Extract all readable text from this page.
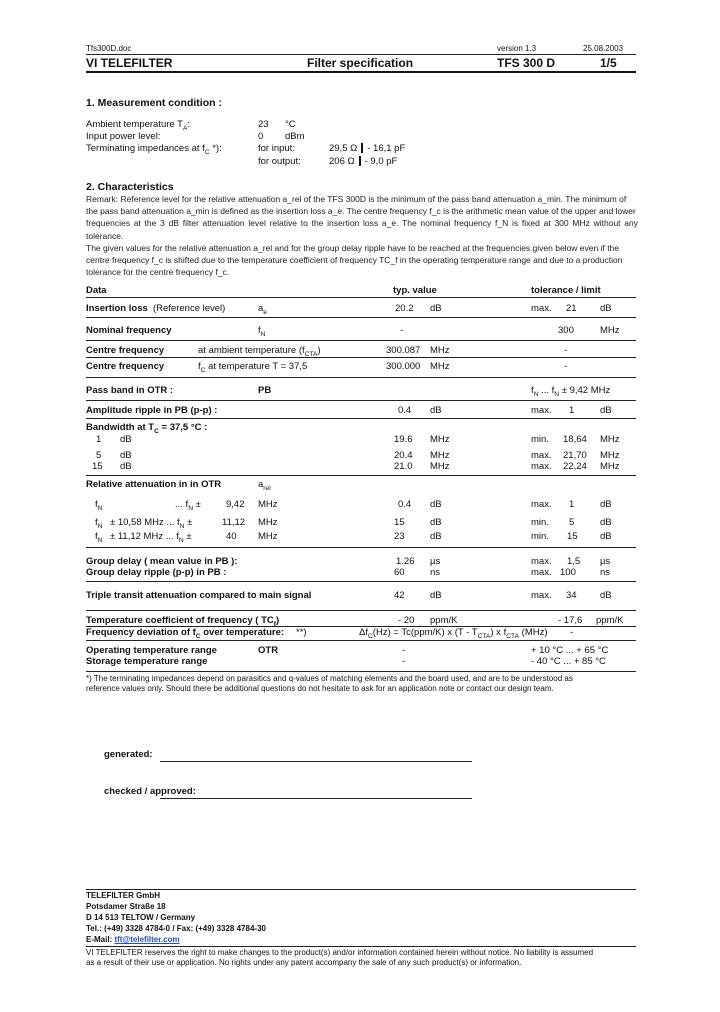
Tfs300D.doc	version 1.3	25.08.2003
VI TELEFILTER	Filter specification	TFS 300 D	1/5
1. Measurement condition :
Ambient temperature $T_A$:	23 °C
Input power level:	0 dBm
Terminating impedances at $f_C$ *):	for input:	29,5 Ω - 16,1 pF
for output:	206 Ω - 9,0 pF
2. Characteristics
Remark: Reference level for the relative attenuation a_rel of the TFS 300D is the minimum of the pass band attenuation a_min. The minimum of
the pass band attenuation a_min is defined as the insertion loss a_e. The centre frequency f_c is the arithmetic mean value of the upper and lower
frequencies at the 3 dB filter attenuation level relative to the insertion loss a_e. The nominal frequency f_N is fixed at 300 MHz without any tolerance.
The given values for the relative attenuation a_rel and for the group delay ripple have to be reached at the frequencies given below even if the
centre frequency f_c is shifted due to the temperature coefficient of frequency TC_f in the operating temperature range and due to a production
tolerance for the centre frequency f_c.
Data	typ. value	tolerance / limit
Insertion loss (Reference level)	$a_e$	20.2 dB	max. 21 dB
Nominal frequency	$f_N$	-	300	MHz
Centre frequency	at ambient temperature $(f_{CTA})$	300.087 MHz	-
Centre frequency	$f_C$ at temperature T = 37,5	300.000 MHz	-
Pass band in OTR :	PB	$f_N$ ... $f_N \pm 9,42$ MHz
Amplitude ripple in PB (p-p) :	0.4 dB	max. 1	dB
Bandwidth at $T_C = 37,5$ °C :
1 dB	19.6 MHz	min. 18,64 MHz
5 dB	20.4 MHz	max. 21,70 MHz
15 dB	21.0 MHz	max. 22,24 MHz
Relative attenuation in in OTR	$a_{rel}$
$f_N$	... $f_N$ ±	9,42 MHz	0.4 dB	max. 1	dB
$f_N \pm 10,58$ MHz ... $f_N$ ±	11,12 MHz	15	dB	min. 5	dB
$f_N \pm 11,12$ MHz ... $f_N$ ±	40 MHz	23	dB	min. 15 dB
Group delay ( mean value in PB ):	1.26 µs	max. 1,5 µs
Group delay ripple (p-p) in PB :	60	ns	max. 100	ns
Triple transit attenuation compared to main signal	42	dB	max. 34 dB
Temperature coefficient of frequency ( $TC_f$)	- 20 ppm/K	- 17,6 ppm/K
Frequency deviation of $f_C$ over temperature: **)	$\Delta f_C(Hz) = Tc(ppm/K)$ x $(T - T_{CTA})$ x $f_{CTA}$ (MHz) -
Operating temperature range	OTR	-	+ 10 °C ... + 65 °C
Storage temperature range	-	- 40 °C ... + 85 °C
*) The terminating impedances depend on parasitics and q-values of matching elements and the board used, and are to be understood as
reference values only. Should there be additional questions do not hesitate to ask for an application note or contact our design team.
generated:
checked / approved:
TELEFILTER GmbH
Potsdamer Straße 18
D 14 513 TELTOW / Germany
Tel.: (+49) 3328 4784-0 / Fax: (+49) 3328 4784-30
E-Mail: tft@telefilter.com
VI TELEFILTER reserves the right to make changes to the product(s) and/or information contained herein without notice. No liability is assumed
as a result of their use or application. No rights under any patent accompany the sale of any such product(s) or information.
